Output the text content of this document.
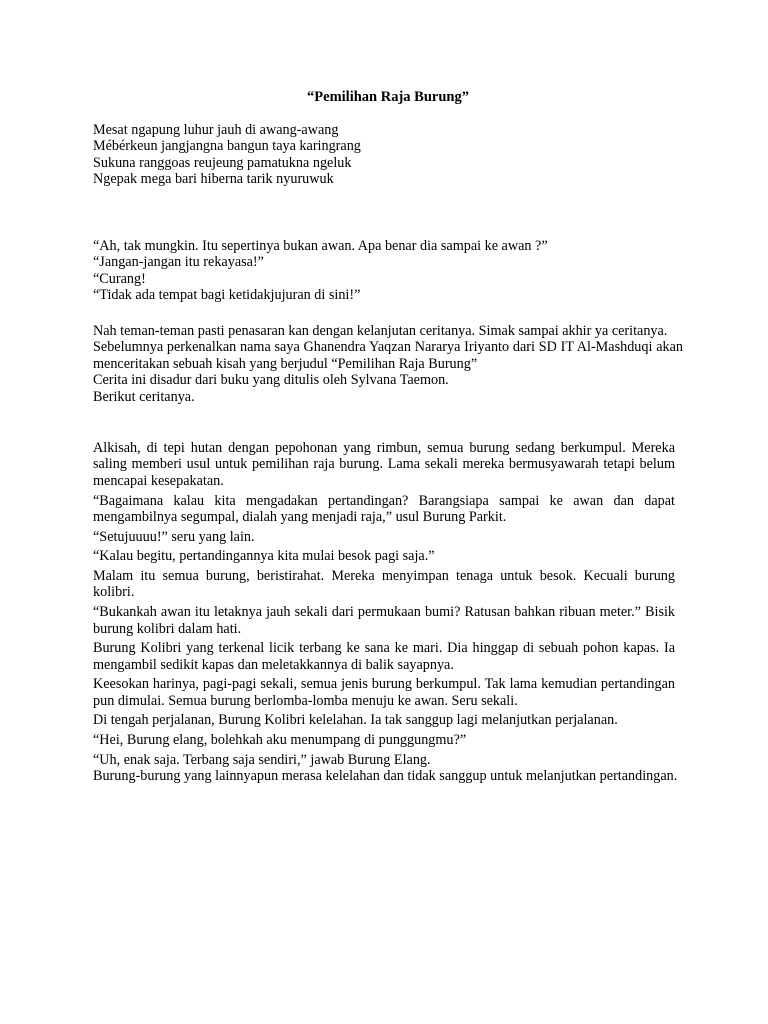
“Pemilihan Raja Burung”

Mesat ngapung luhur jauh di awang-awang

Mébérkeun jangjangna bangun taya karingrang

Sukuna ranggoas reujeung pamatukna ngeluk

Ngepak mega bari hiberna tarik nyuruwuk

“Ah, tak mungkin. Itu sepertinya bukan awan. Apa benar dia sampai ke awan ?”

“Jangan-jangan itu rekayasa!”

“Curang!

“Tidak ada tempat bagi ketidakjujuran di sini!”

Nah teman-teman pasti penasaran kan dengan kelanjutan ceritanya. Simak sampai akhir ya ceritanya.

Sebelumnya perkenalkan nama saya Ghanendra Yaqzan Nararya Iriyanto dari SD IT Al-Mashduqi akan menceritakan sebuah kisah yang berjudul “Pemilihan Raja Burung”

Cerita ini disadur dari buku yang ditulis oleh Sylvana Taemon.

Berikut ceritanya.

Alkisah, di tepi hutan dengan pepohonan yang rimbun, semua burung sedang berkumpul. Mereka saling memberi usul untuk pemilihan raja burung. Lama sekali mereka bermusyawarah tetapi belum mencapai kesepakatan.

“Bagaimana kalau kita mengadakan pertandingan? Barangsiapa sampai ke awan dan dapat mengambilnya segumpal, dialah yang menjadi raja,” usul Burung Parkit.

“Setujuuuu!” seru yang lain.

“Kalau begitu, pertandingannya kita mulai besok pagi saja.”

Malam itu semua burung, beristirahat. Mereka menyimpan tenaga untuk besok. Kecuali burung kolibri.

“Bukankah awan itu letaknya jauh sekali dari permukaan bumi? Ratusan bahkan ribuan meter.” Bisik burung kolibri dalam hati.

Burung Kolibri yang terkenal licik terbang ke sana ke mari. Dia hinggap di sebuah pohon kapas. Ia mengambil sedikit kapas dan meletakkannya di balik sayapnya.

Keesokan harinya, pagi-pagi sekali, semua jenis burung berkumpul. Tak lama kemudian pertandingan pun dimulai. Semua burung berlomba-lomba menuju ke awan. Seru sekali.

Di tengah perjalanan, Burung Kolibri kelelahan. Ia tak sanggup lagi melanjutkan perjalanan.

“Hei, Burung elang, bolehkah aku menumpang di punggungmu?”

“Uh, enak saja. Terbang saja sendiri,” jawab Burung Elang.

Burung-burung yang lainnyapun merasa kelelahan dan tidak sanggup untuk melanjutkan pertandingan.
